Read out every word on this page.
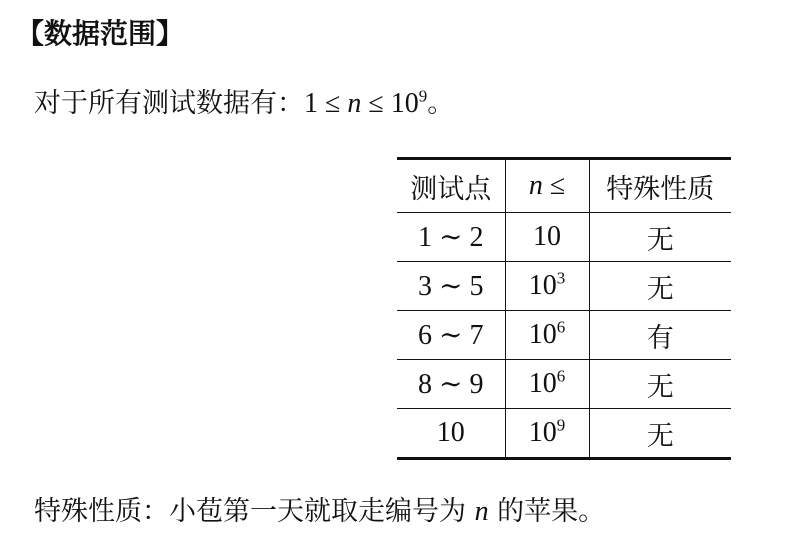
【数据范围】
对于所有测试数据有：$1 \le n \le 10^9$。
测试点	n ≤	特殊性质
1 ∼ 2	10	无
3 ∼ 5	$10^3$	无
6 ∼ 7	$10^6$	有
8 ∼ 9	$10^6$	无
10	$10^9$	无
特殊性质：小苞第一天就取走编号为 n 的苹果。
